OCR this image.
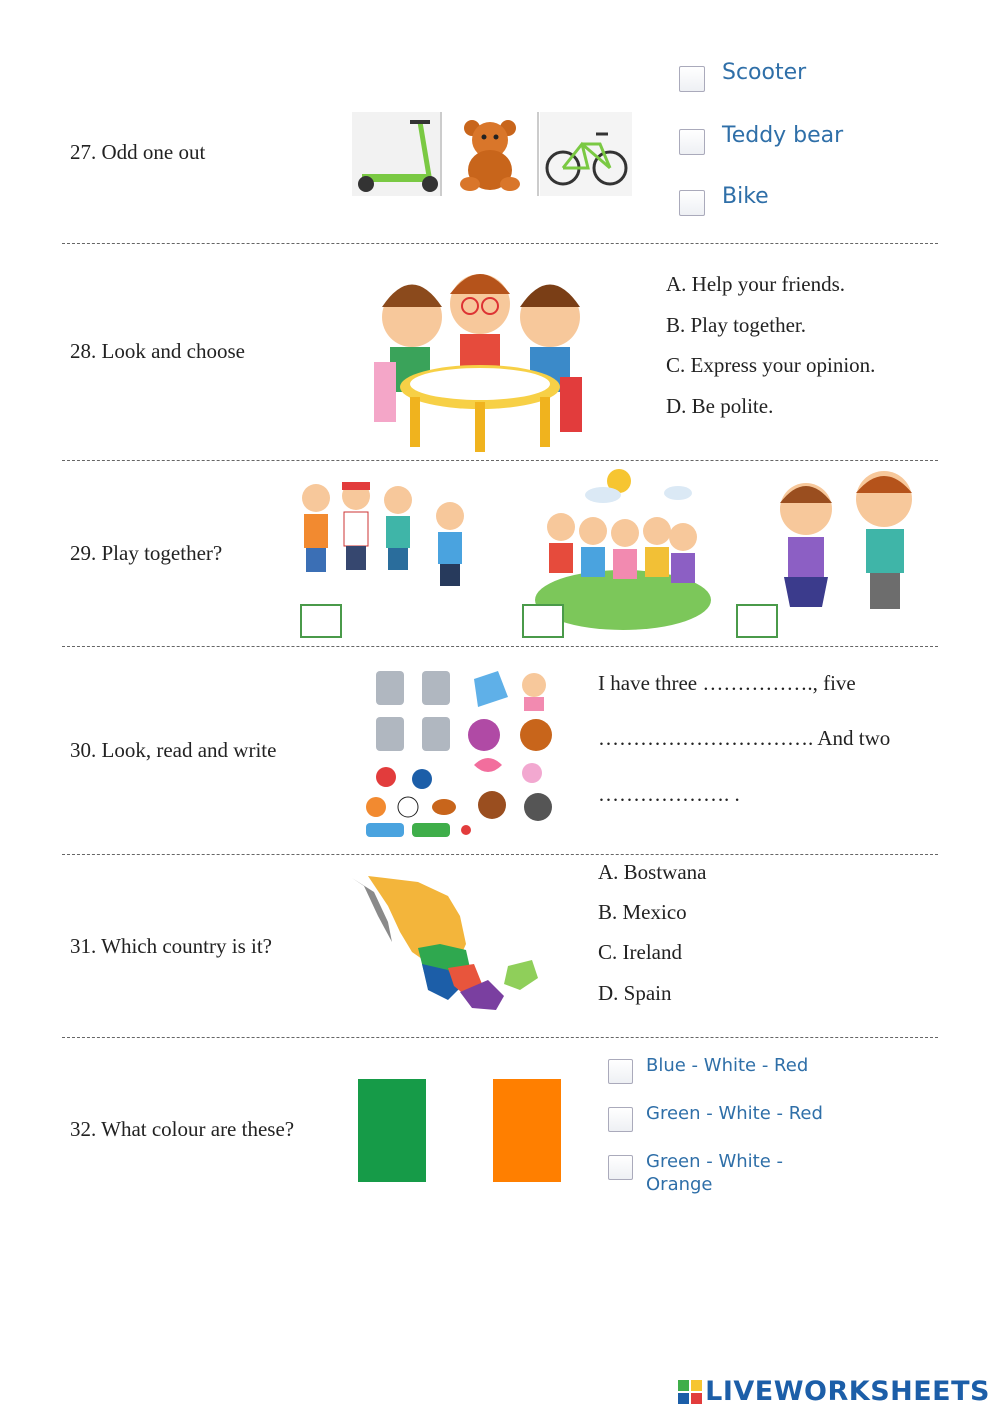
27. Odd one out
Scooter
Teddy bear
Bike
28. Look and choose
A. Help your friends.
B. Play together.
C. Express your opinion.
D. Be polite.
29. Play together?
30. Look, read and write
I have three ……………., five
…………………………. And two
………………. .
31. Which country is it?
A. Bostwana
B. Mexico
C. Ireland
D. Spain
32. What colour are these?
Blue - White - Red
Green - White - Red
Green - White -
Orange
LIVEWORKSHEETS
